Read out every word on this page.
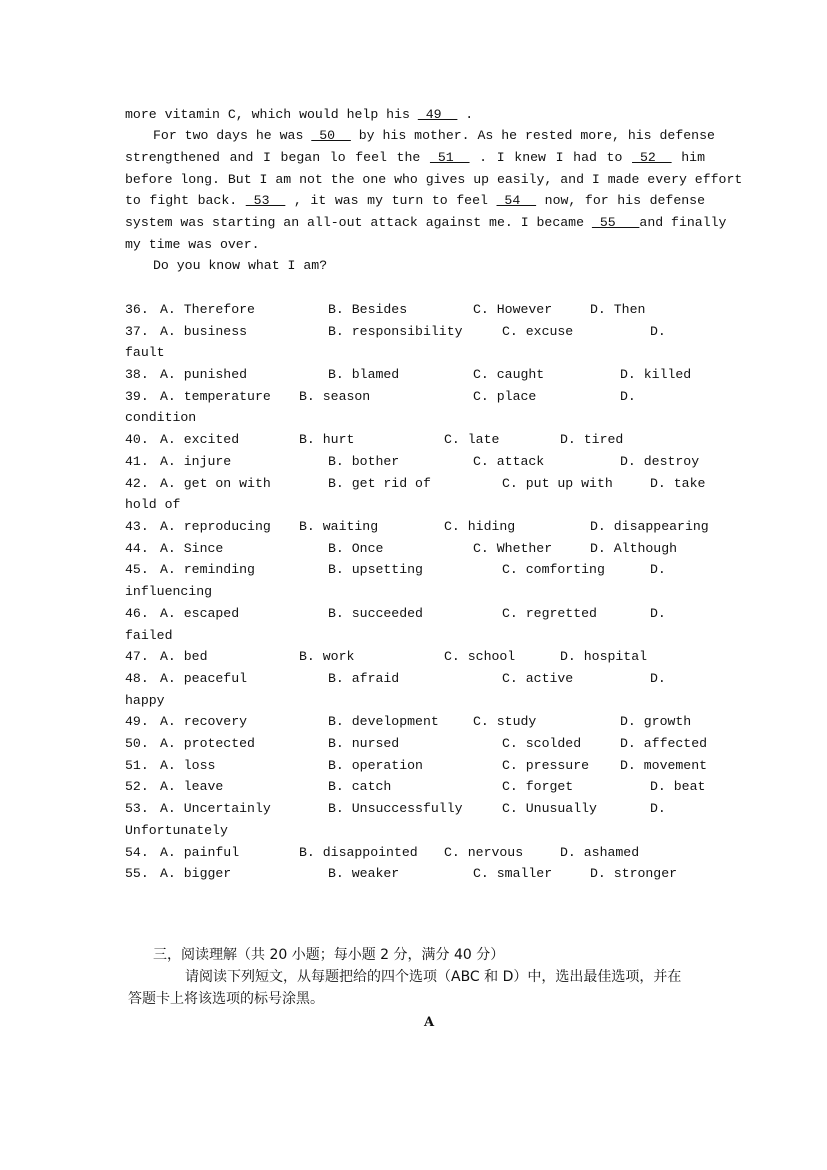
more vitamin C, which would help his  49   .
For two days he was  50   by his mother. As he rested more, his defense
strengthened and I began lo feel the  51   . I knew I had to  52   him
before long. But I am not the one who gives up easily, and I made every effort
to fight back.  53   , it was my turn to feel  54   now, for his defense
system was starting an all-out attack against me. I became  55   and finally
my time was over.
Do you know what I am?
36. A. Therefore	B. Besides	C. However	D. Then
37. A. business	B. responsibility	C. excuse	D.
fault
38. A. punished	B. blamed	C. caught	D. killed
39. A. temperature B. season	C. place	D.
condition
40. A. excited	B. hurt	C. late	D. tired
41. A. injure	B. bother	C. attack	D. destroy
42. A. get on with	B. get rid of	C. put up with	D. take
hold of
43. A. reproducing B. waiting	C. hiding	D. disappearing
44. A. Since	B. Once	C. Whether	D. Although
45. A. reminding	B. upsetting	C. comforting	D.
influencing
46. A. escaped	B. succeeded	C. regretted	D.
failed
47. A. bed	B. work	C. school	D. hospital
48. A. peaceful	B. afraid	C. active	D.
happy
49. A. recovery	B. development	C. study	D. growth
50. A. protected	B. nursed	C. scolded	D. affected
51. A. loss	B. operation	C. pressure D. movement
52. A. leave	B. catch	C. forget	D. beat
53. A. Uncertainly	B. Unsuccessfully	C. Unusually	D.
Unfortunately
54. A. painful	B. disappointed C. nervous	D. ashamed
55. A. bigger	B. weaker	C. smaller	D. stronger
三，阅读理解（共 20 小题；每小题 2 分，满分 40 分）
请阅读下列短文，从每题把给的四个选项（ABC 和 D）中，选出最佳选项，并在
答题卡上将该选项的标号涂黑。
A
